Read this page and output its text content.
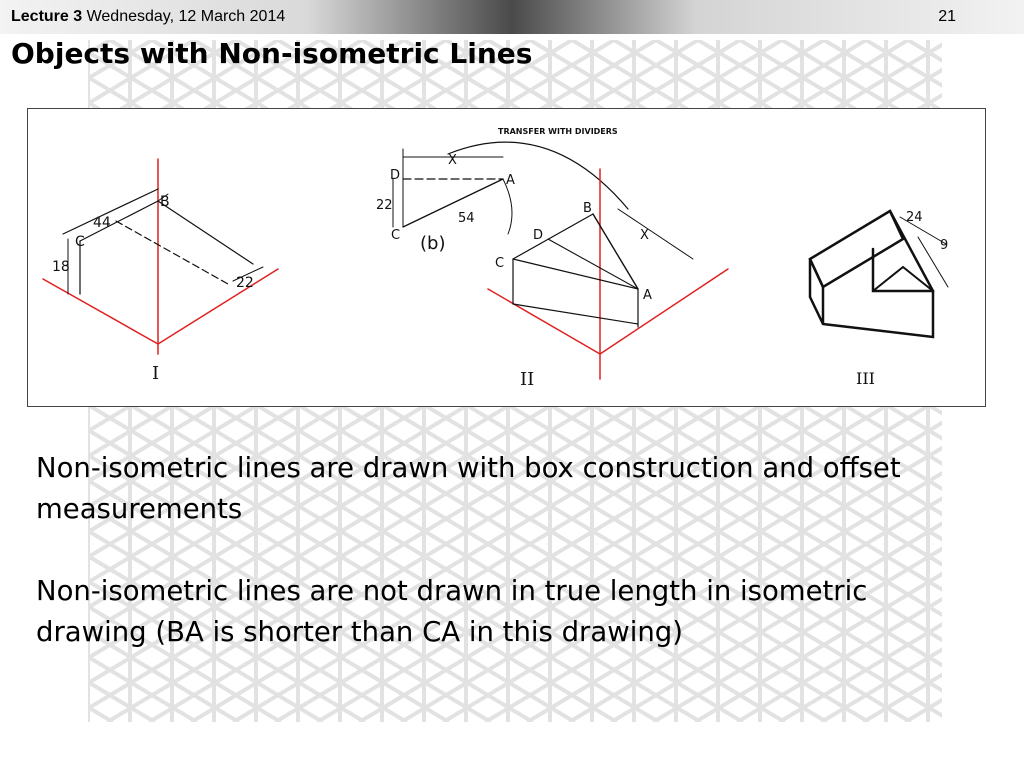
Lecture 3 Wednesday, 12 March 2014	21
Objects with Non-isometric Lines
B
C
44
18
22
I
D
X
A
C
22
54
(b)
TRANSFER WITH DIVIDERS
B
D
C
A
X
II
24
9
III

Non-isometric lines are drawn with box construction and offset measurements

Non-isometric lines are not drawn in true length in isometric drawing (BA is shorter than CA in this drawing)
